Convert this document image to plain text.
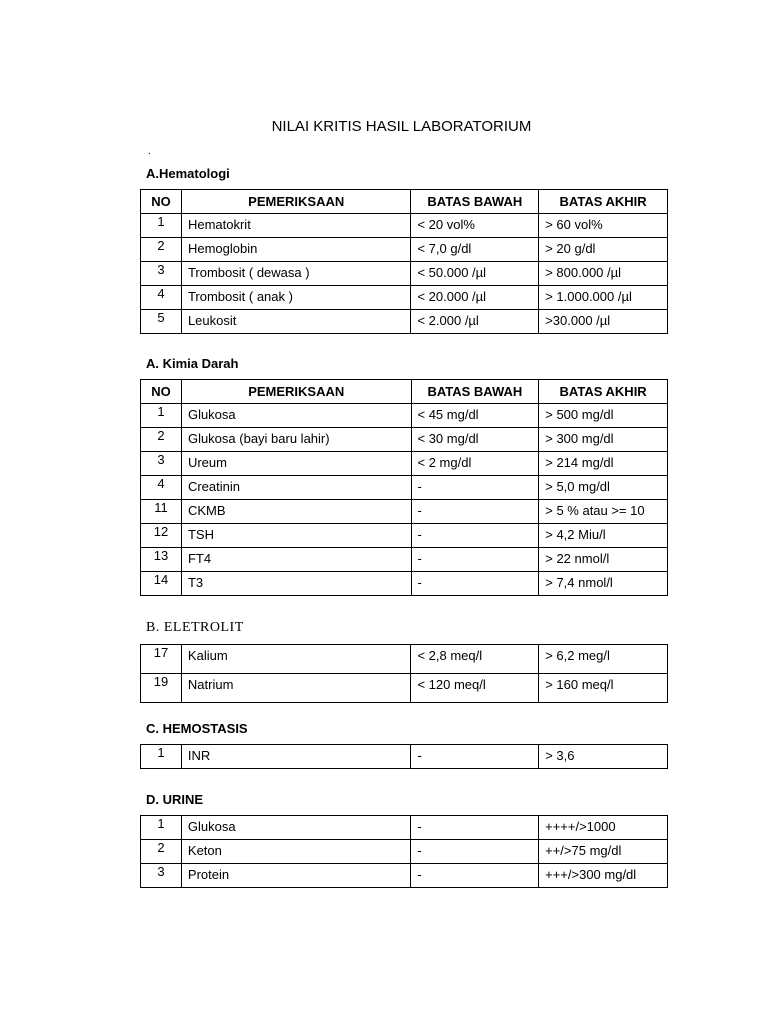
NILAI KRITIS HASIL LABORATORIUM
.
A.Hematologi
NO	PEMERIKSAAN	BATAS BAWAH	BATAS AKHIR
1	Hematokrit	< 20 vol%	> 60 vol%
2	Hemoglobin	< 7,0 g/dl	> 20 g/dl
3	Trombosit ( dewasa )	< 50.000 /µl	> 800.000 /µl
4	Trombosit ( anak )	< 20.000 /µl	> 1.000.000 /µl
5	Leukosit	< 2.000 /µl	>30.000 /µl
A. Kimia Darah
NO	PEMERIKSAAN	BATAS BAWAH	BATAS AKHIR
1	Glukosa	< 45 mg/dl	> 500 mg/dl
2	Glukosa (bayi baru lahir)	< 30 mg/dl	> 300 mg/dl
3	Ureum	< 2 mg/dl	> 214 mg/dl
4	Creatinin	-	> 5,0 mg/dl
11	CKMB	-	> 5 % atau >= 10
12	TSH	-	> 4,2 Miu/l
13	FT4	-	> 22 nmol/l
14	T3	-	> 7,4 nmol/l
B. ELETROLIT
17	Kalium	< 2,8 meq/l	> 6,2 meg/l
19	Natrium	< 120 meq/l	> 160 meq/l
C. HEMOSTASIS
1	INR	-	> 3,6
D. URINE
1	Glukosa	-	++++/>1000
2	Keton	-	++/>75 mg/dl
3	Protein	-	+++/>300 mg/dl
